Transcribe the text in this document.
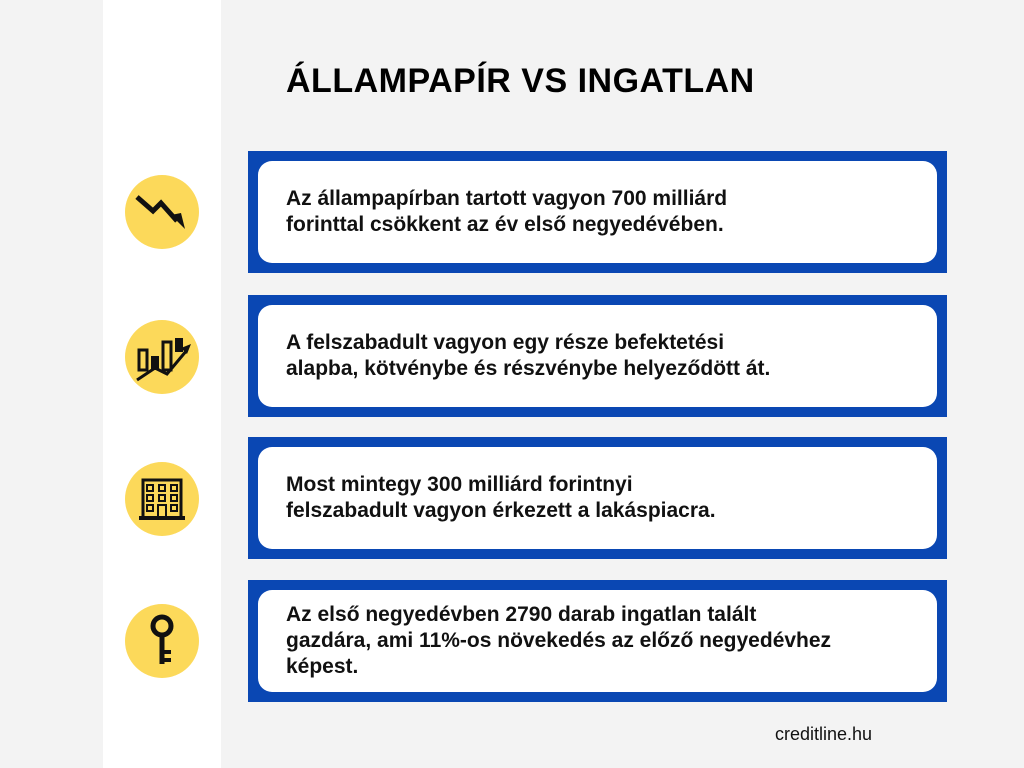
ÁLLAMPAPÍR VS INGATLAN

Az állampapírban tartott vagyon 700 milliárd
forinttal csökkent az év első negyedévében.

A felszabadult vagyon egy része befektetési
alapba, kötvénybe és részvénybe helyeződött át.

Most mintegy 300 milliárd forintnyi
felszabadult vagyon érkezett a lakáspiacra.

Az első negyedévben 2790 darab ingatlan talált
gazdára, ami 11%-os növekedés az előző negyedévhez
képest.

creditline.hu
